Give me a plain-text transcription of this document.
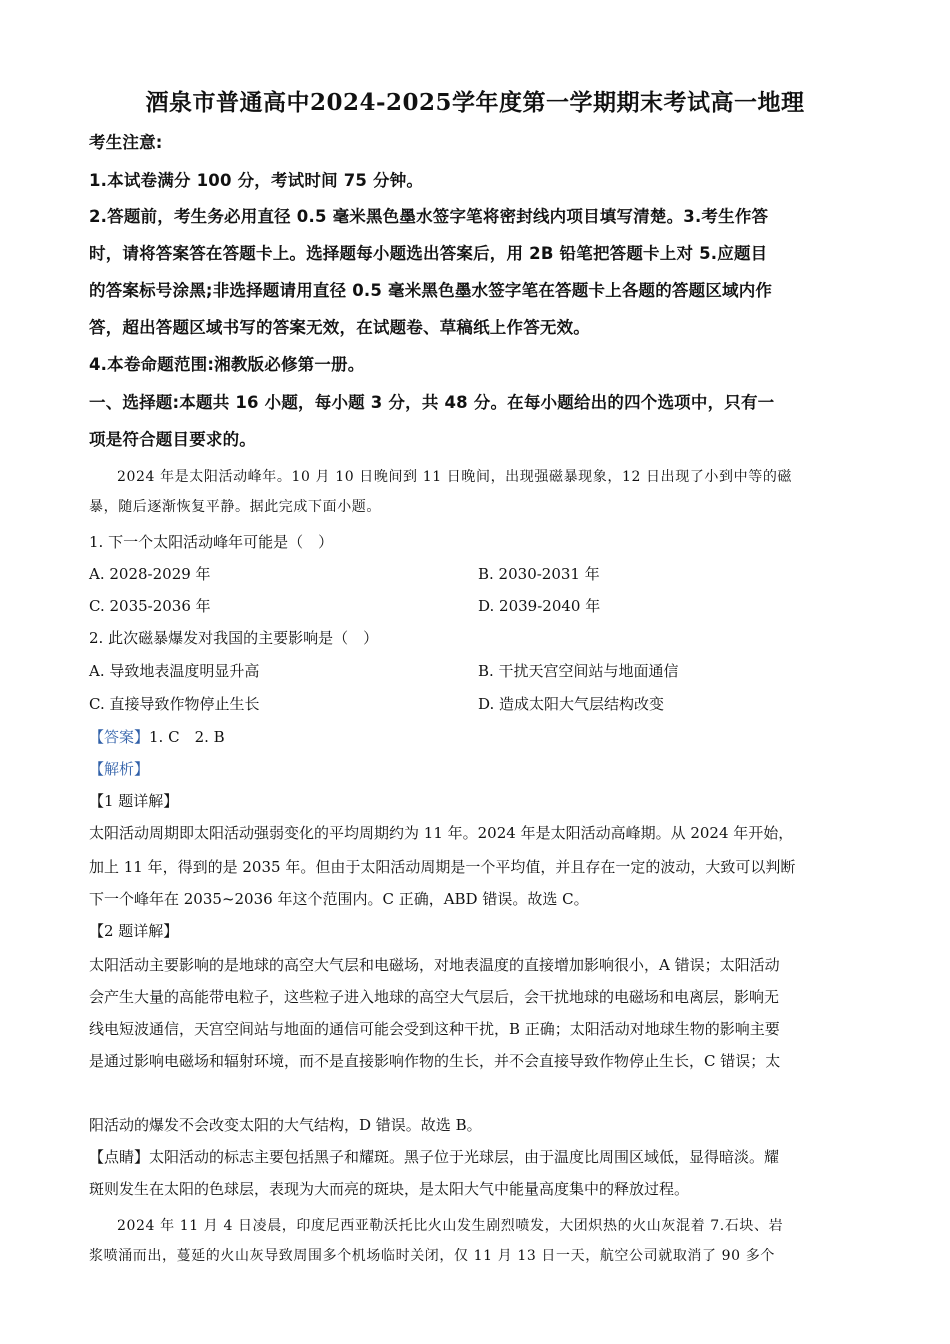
酒泉市普通高中2024-2025学年度第一学期期末考试高一地理
考生注意:
1.本试卷满分 100 分，考试时间 75 分钟。
2.答题前，考生务必用直径 0.5 毫米黑色墨水签字笔将密封线内项目填写清楚。3.考生作答
时，请将答案答在答题卡上。选择题每小题选出答案后，用 2B 铅笔把答题卡上对 5.应题目
的答案标号涂黑;非选择题请用直径 0.5 毫米黑色墨水签字笔在答题卡上各题的答题区域内作
答，超出答题区域书写的答案无效，在试题卷、草稿纸上作答无效。
4.本卷命题范围:湘教版必修第一册。
一、选择题:本题共 16 小题，每小题 3 分，共 48 分。在每小题给出的四个选项中，只有一
项是符合题目要求的。
2024 年是太阳活动峰年。10 月 10 日晚间到 11 日晚间，出现强磁暴现象，12 日出现了小到中等的磁
暴，随后逐渐恢复平静。据此完成下面小题。
1. 下一个太阳活动峰年可能是（　）
A. 2028-2029 年	B. 2030-2031 年
C. 2035-2036 年	D. 2039-2040 年
2. 此次磁暴爆发对我国的主要影响是（　）
A. 导致地表温度明显升高	B. 干扰天宫空间站与地面通信
C. 直接导致作物停止生长	D. 造成太阳大气层结构改变
【答案】1. C　2. B
【解析】
【1 题详解】
太阳活动周期即太阳活动强弱变化的平均周期约为 11 年。2024 年是太阳活动高峰期。从 2024 年开始，
加上 11 年，得到的是 2035 年。但由于太阳活动周期是一个平均值，并且存在一定的波动，大致可以判断
下一个峰年在 2035~2036 年这个范围内。C 正确，ABD 错误。故选 C。
【2 题详解】
太阳活动主要影响的是地球的高空大气层和电磁场，对地表温度的直接增加影响很小，A 错误；太阳活动
会产生大量的高能带电粒子，这些粒子进入地球的高空大气层后，会干扰地球的电磁场和电离层，影响无
线电短波通信，天宫空间站与地面的通信可能会受到这种干扰，B 正确；太阳活动对地球生物的影响主要
是通过影响电磁场和辐射环境，而不是直接影响作物的生长，并不会直接导致作物停止生长，C 错误；太
阳活动的爆发不会改变太阳的大气结构，D 错误。故选 B。
【点睛】太阳活动的标志主要包括黑子和耀斑。黑子位于光球层，由于温度比周围区域低，显得暗淡。耀
斑则发生在太阳的色球层，表现为大而亮的斑块，是太阳大气中能量高度集中的释放过程。
2024 年 11 月 4 日凌晨，印度尼西亚勒沃托比火山发生剧烈喷发，大团炽热的火山灰混着 7.石块、岩
浆喷涌而出，蔓延的火山灰导致周围多个机场临时关闭，仅 11 月 13 日一天，航空公司就取消了 90 多个
